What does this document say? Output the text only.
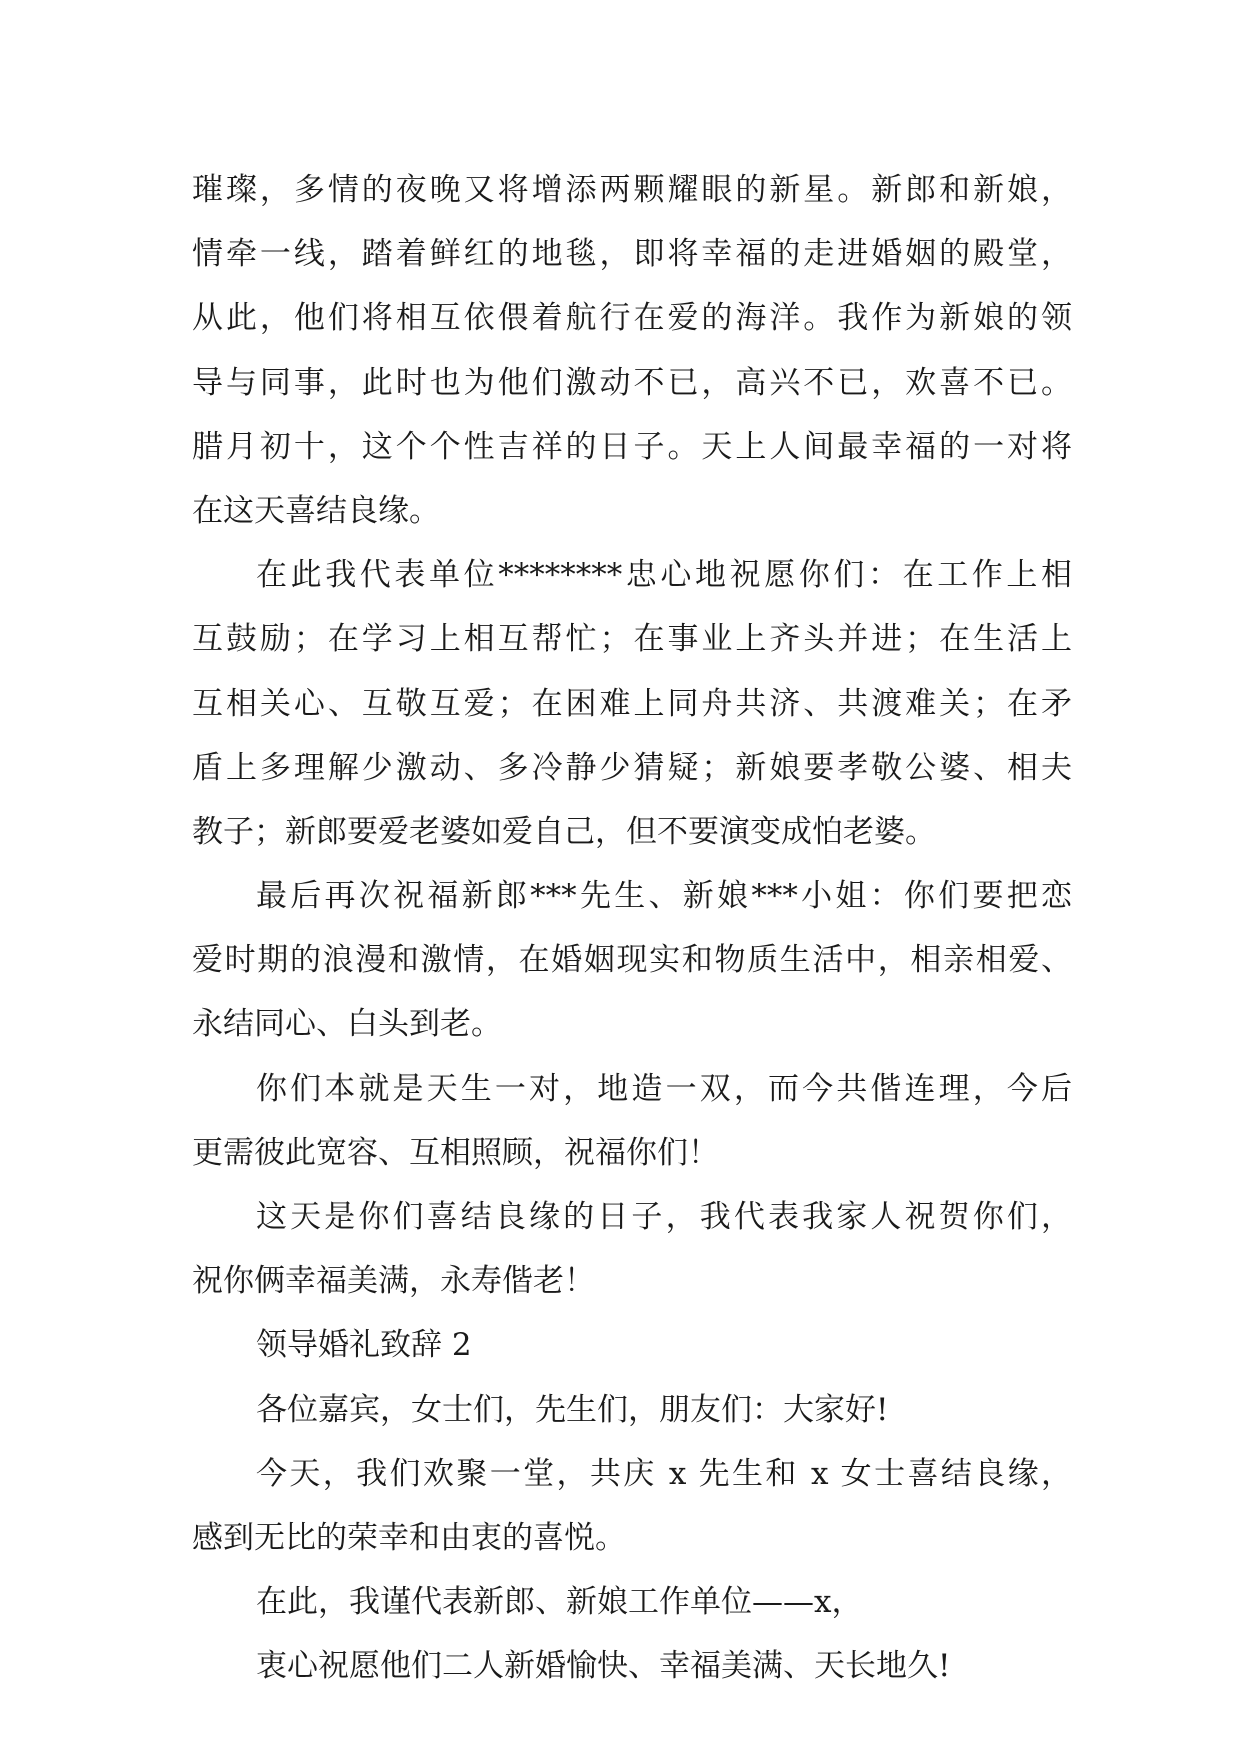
璀璨，多情的夜晚又将增添两颗耀眼的新星。新郎和新娘，
情牵一线，踏着鲜红的地毯，即将幸福的走进婚姻的殿堂，
从此，他们将相互依偎着航行在爱的海洋。我作为新娘的领
导与同事，此时也为他们激动不已，高兴不已，欢喜不已。
腊月初十，这个个性吉祥的日子。天上人间最幸福的一对将
在这天喜结良缘。
在此我代表单位********忠心地祝愿你们：在工作上相
互鼓励；在学习上相互帮忙；在事业上齐头并进；在生活上
互相关心、互敬互爱；在困难上同舟共济、共渡难关；在矛
盾上多理解少激动、多冷静少猜疑；新娘要孝敬公婆、相夫
教子；新郎要爱老婆如爱自己，但不要演变成怕老婆。
最后再次祝福新郎***先生、新娘***小姐：你们要把恋
爱时期的浪漫和激情，在婚姻现实和物质生活中，相亲相爱、
永结同心、白头到老。
你们本就是天生一对，地造一双，而今共偕连理，今后
更需彼此宽容、互相照顾，祝福你们！
这天是你们喜结良缘的日子，我代表我家人祝贺你们，
祝你俩幸福美满，永寿偕老！
领导婚礼致辞 2
各位嘉宾，女士们，先生们，朋友们：大家好!
今天，我们欢聚一堂，共庆 x 先生和 x 女士喜结良缘，
感到无比的荣幸和由衷的喜悦。
在此，我谨代表新郎、新娘工作单位——x，
衷心祝愿他们二人新婚愉快、幸福美满、天长地久!
